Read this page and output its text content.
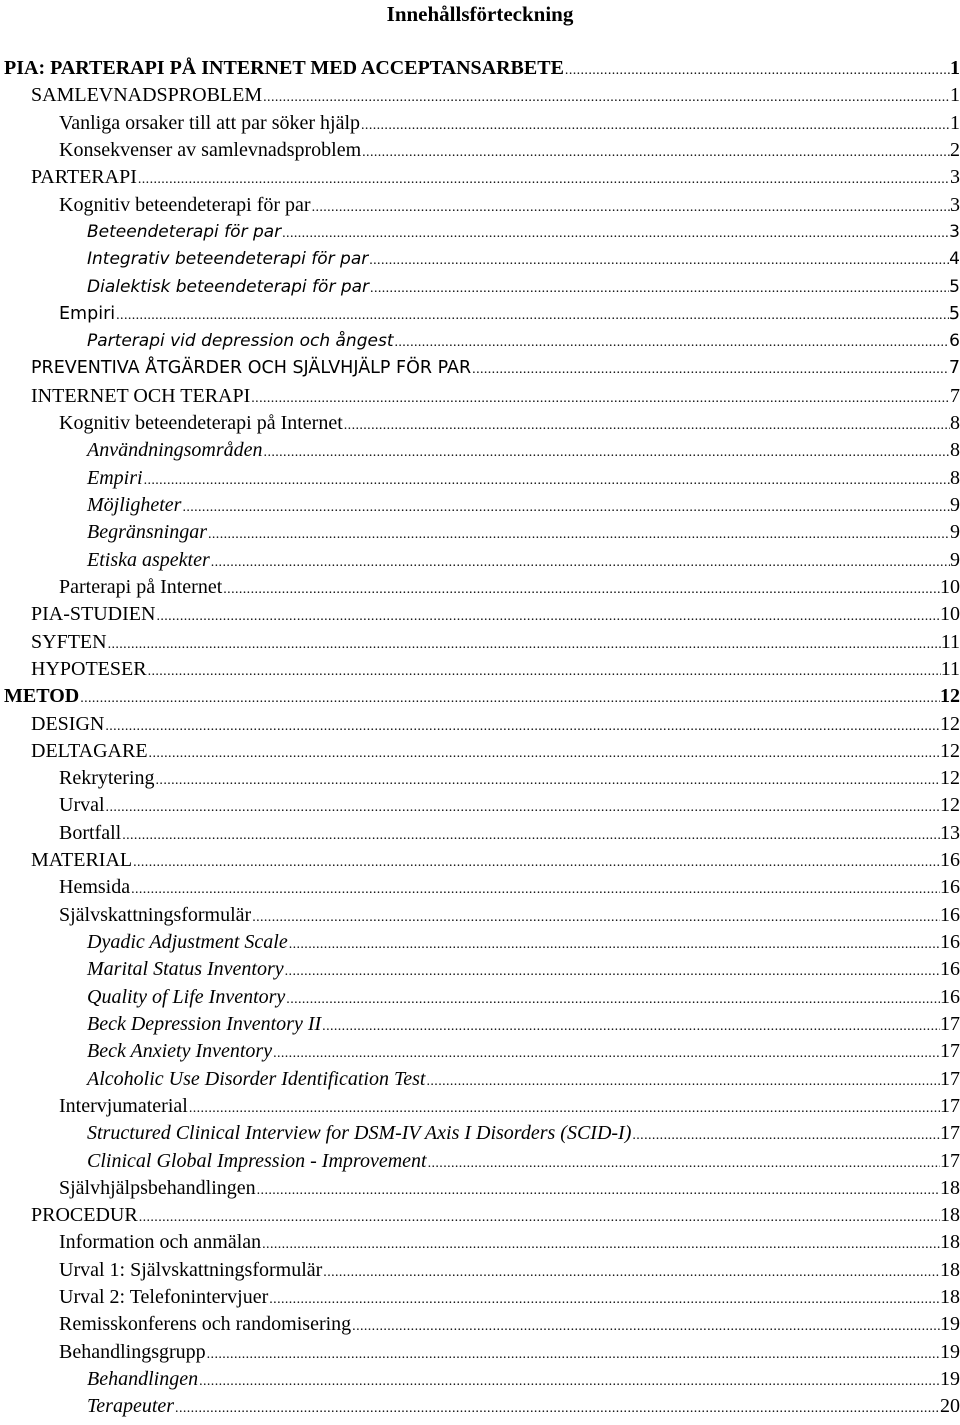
Innehållsförteckning
PIA: PARTERAPI PÅ INTERNET MED ACCEPTANSARBETE .....	1
SAMLEVNADSPROBLEM .....	1
Vanliga orsaker till att par söker hjälp .....	1
Konsekvenser av samlevnadsproblem .....	2
PARTERAPI .....	3
Kognitiv beteendeterapi för par .....	3
Beteendeterapi för par .....	3
Integrativ beteendeterapi för par .....	4
Dialektisk beteendeterapi för par .....	5
Empiri .....	5
Parterapi vid depression och ångest .....	6
PREVENTIVA ÅTGÄRDER OCH SJÄLVHJÄLP FÖR PAR .....	7
INTERNET OCH TERAPI .....	7
Kognitiv beteendeterapi på Internet .....	8
Användningsområden .....	8
Empiri .....	8
Möjligheter .....	9
Begränsningar .....	9
Etiska aspekter .....	9
Parterapi på Internet .....	10
PIA-STUDIEN .....	10
SYFTEN .....	11
HYPOTESER .....	11
METOD .....	12
DESIGN .....	12
DELTAGARE .....	12
Rekrytering .....	12
Urval .....	12
Bortfall .....	13
MATERIAL .....	16
Hemsida .....	16
Självskattningsformulär .....	16
Dyadic Adjustment Scale .....	16
Marital Status Inventory .....	16
Quality of Life Inventory .....	16
Beck Depression Inventory II .....	17
Beck Anxiety Inventory .....	17
Alcoholic Use Disorder Identification Test .....	17
Intervjumaterial .....	17
Structured Clinical Interview for DSM-IV Axis I Disorders (SCID-I) .....	17
Clinical Global Impression - Improvement .....	17
Självhjälpsbehandlingen .....	18
PROCEDUR .....	18
Information och anmälan .....	18
Urval 1: Självskattningsformulär .....	18
Urval 2: Telefonintervjuer .....	18
Remisskonferens och randomisering .....	19
Behandlingsgrupp .....	19
Behandlingen .....	19
Terapeuter .....	20
